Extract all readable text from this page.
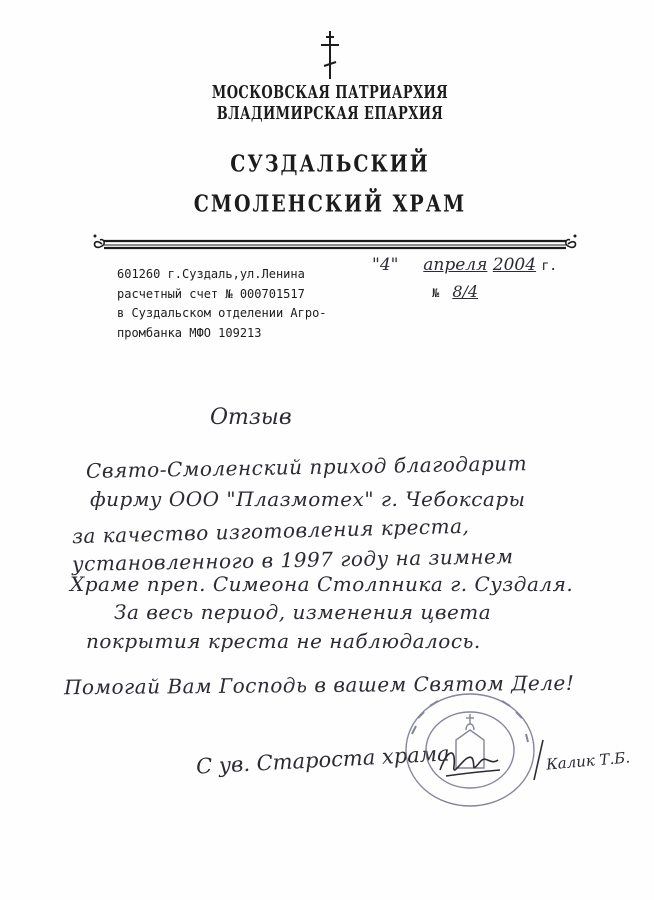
МОСКОВСКАЯ ПАТРИАРХИЯ
ВЛАДИМИРСКАЯ ЕПАРХИЯ
СУЗДАЛЬСКИЙ
СМОЛЕНСКИЙ ХРАМ
601260 г.Суздаль,ул.Ленина
расчетный счет № 000701517
в Суздальском отделении Агро-
промбанка МФО 109213
"4" апреля 2004 г.
№ 8/4
Отзыв
Свято-Смоленский приход благодарит
фирму ООО "Плазмотех" г. Чебоксары
за качество изготовления креста,
установленного в 1997 году на зимнем
Храме преп. Симеона Столпника г. Суздаля.
За весь период, изменения цвета
покрытия креста не наблюдалось.
Помогай Вам Господь в вашем Святом Деле!
С ув. Староста храма	Калик Т.Б.
